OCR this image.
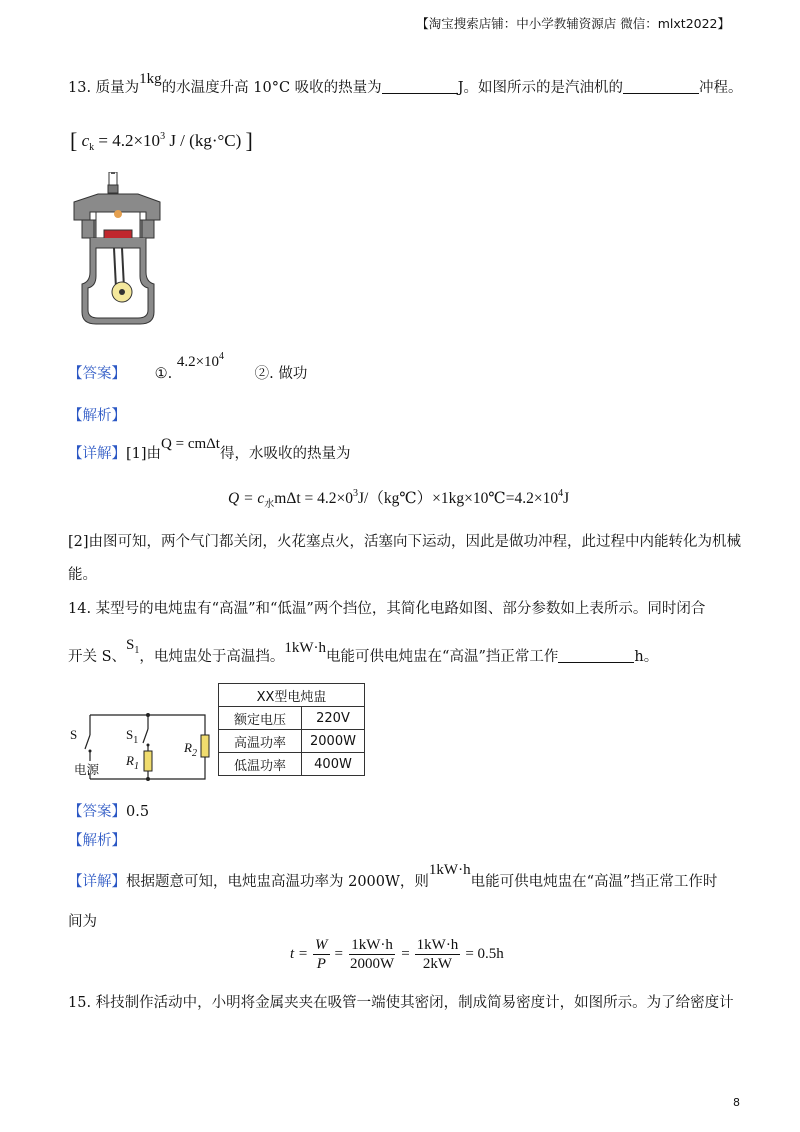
【淘宝搜索店铺：中小学教辅资源店 微信：mlxt2022】
13. 质量为1kg的水温度升高 10°C 吸收的热量为	J。如图所示的是汽油机的	冲程。
[ $c_k = 4.2\times 10^3$ J / (kg·°C) ]
【答案】 ①. $4.2\times 10^4$ ②. 做功
【解析】
【详解】[1]由Q = cmΔt得，水吸收的热量为
$Q = c_水m\Delta t$ = $4.2\times 0^3J/(kg℃)\times 1kg\times 10℃=4.2\times 10^4J$
[2]由图可知，两个气门都关闭，火花塞点火，活塞向下运动，因此是做功冲程，此过程中内能转化为机械
能。
14. 某型号的电炖盅有“高温”和“低温”两个挡位，其简化电路如图、部分参数如上表所示。同时闭合
开关 S、$S_1$，电炖盅处于高温挡。1kW·h电能可供电炖盅在“高温”挡正常工作	h。
S	$S_1$
$R_1$
$R_2$
电源
XX型电炖盅	
额定电压	220V
高温功率	2000W
低温功率	400W
【答案】0.5
【解析】
【详解】根据题意可知，电炖盅高温功率为 2000W，则1kW·h电能可供电炖盅在“高温”挡正常工作时
间为
$t = \frac{W}{P} = \frac{1kW\cdot h}{2000W} = \frac{1kW\cdot h}{2kW} = 0.5h$
15. 科技制作活动中，小明将金属夹夹在吸管一端使其密闭，制成简易密度计，如图所示。为了给密度计
8
